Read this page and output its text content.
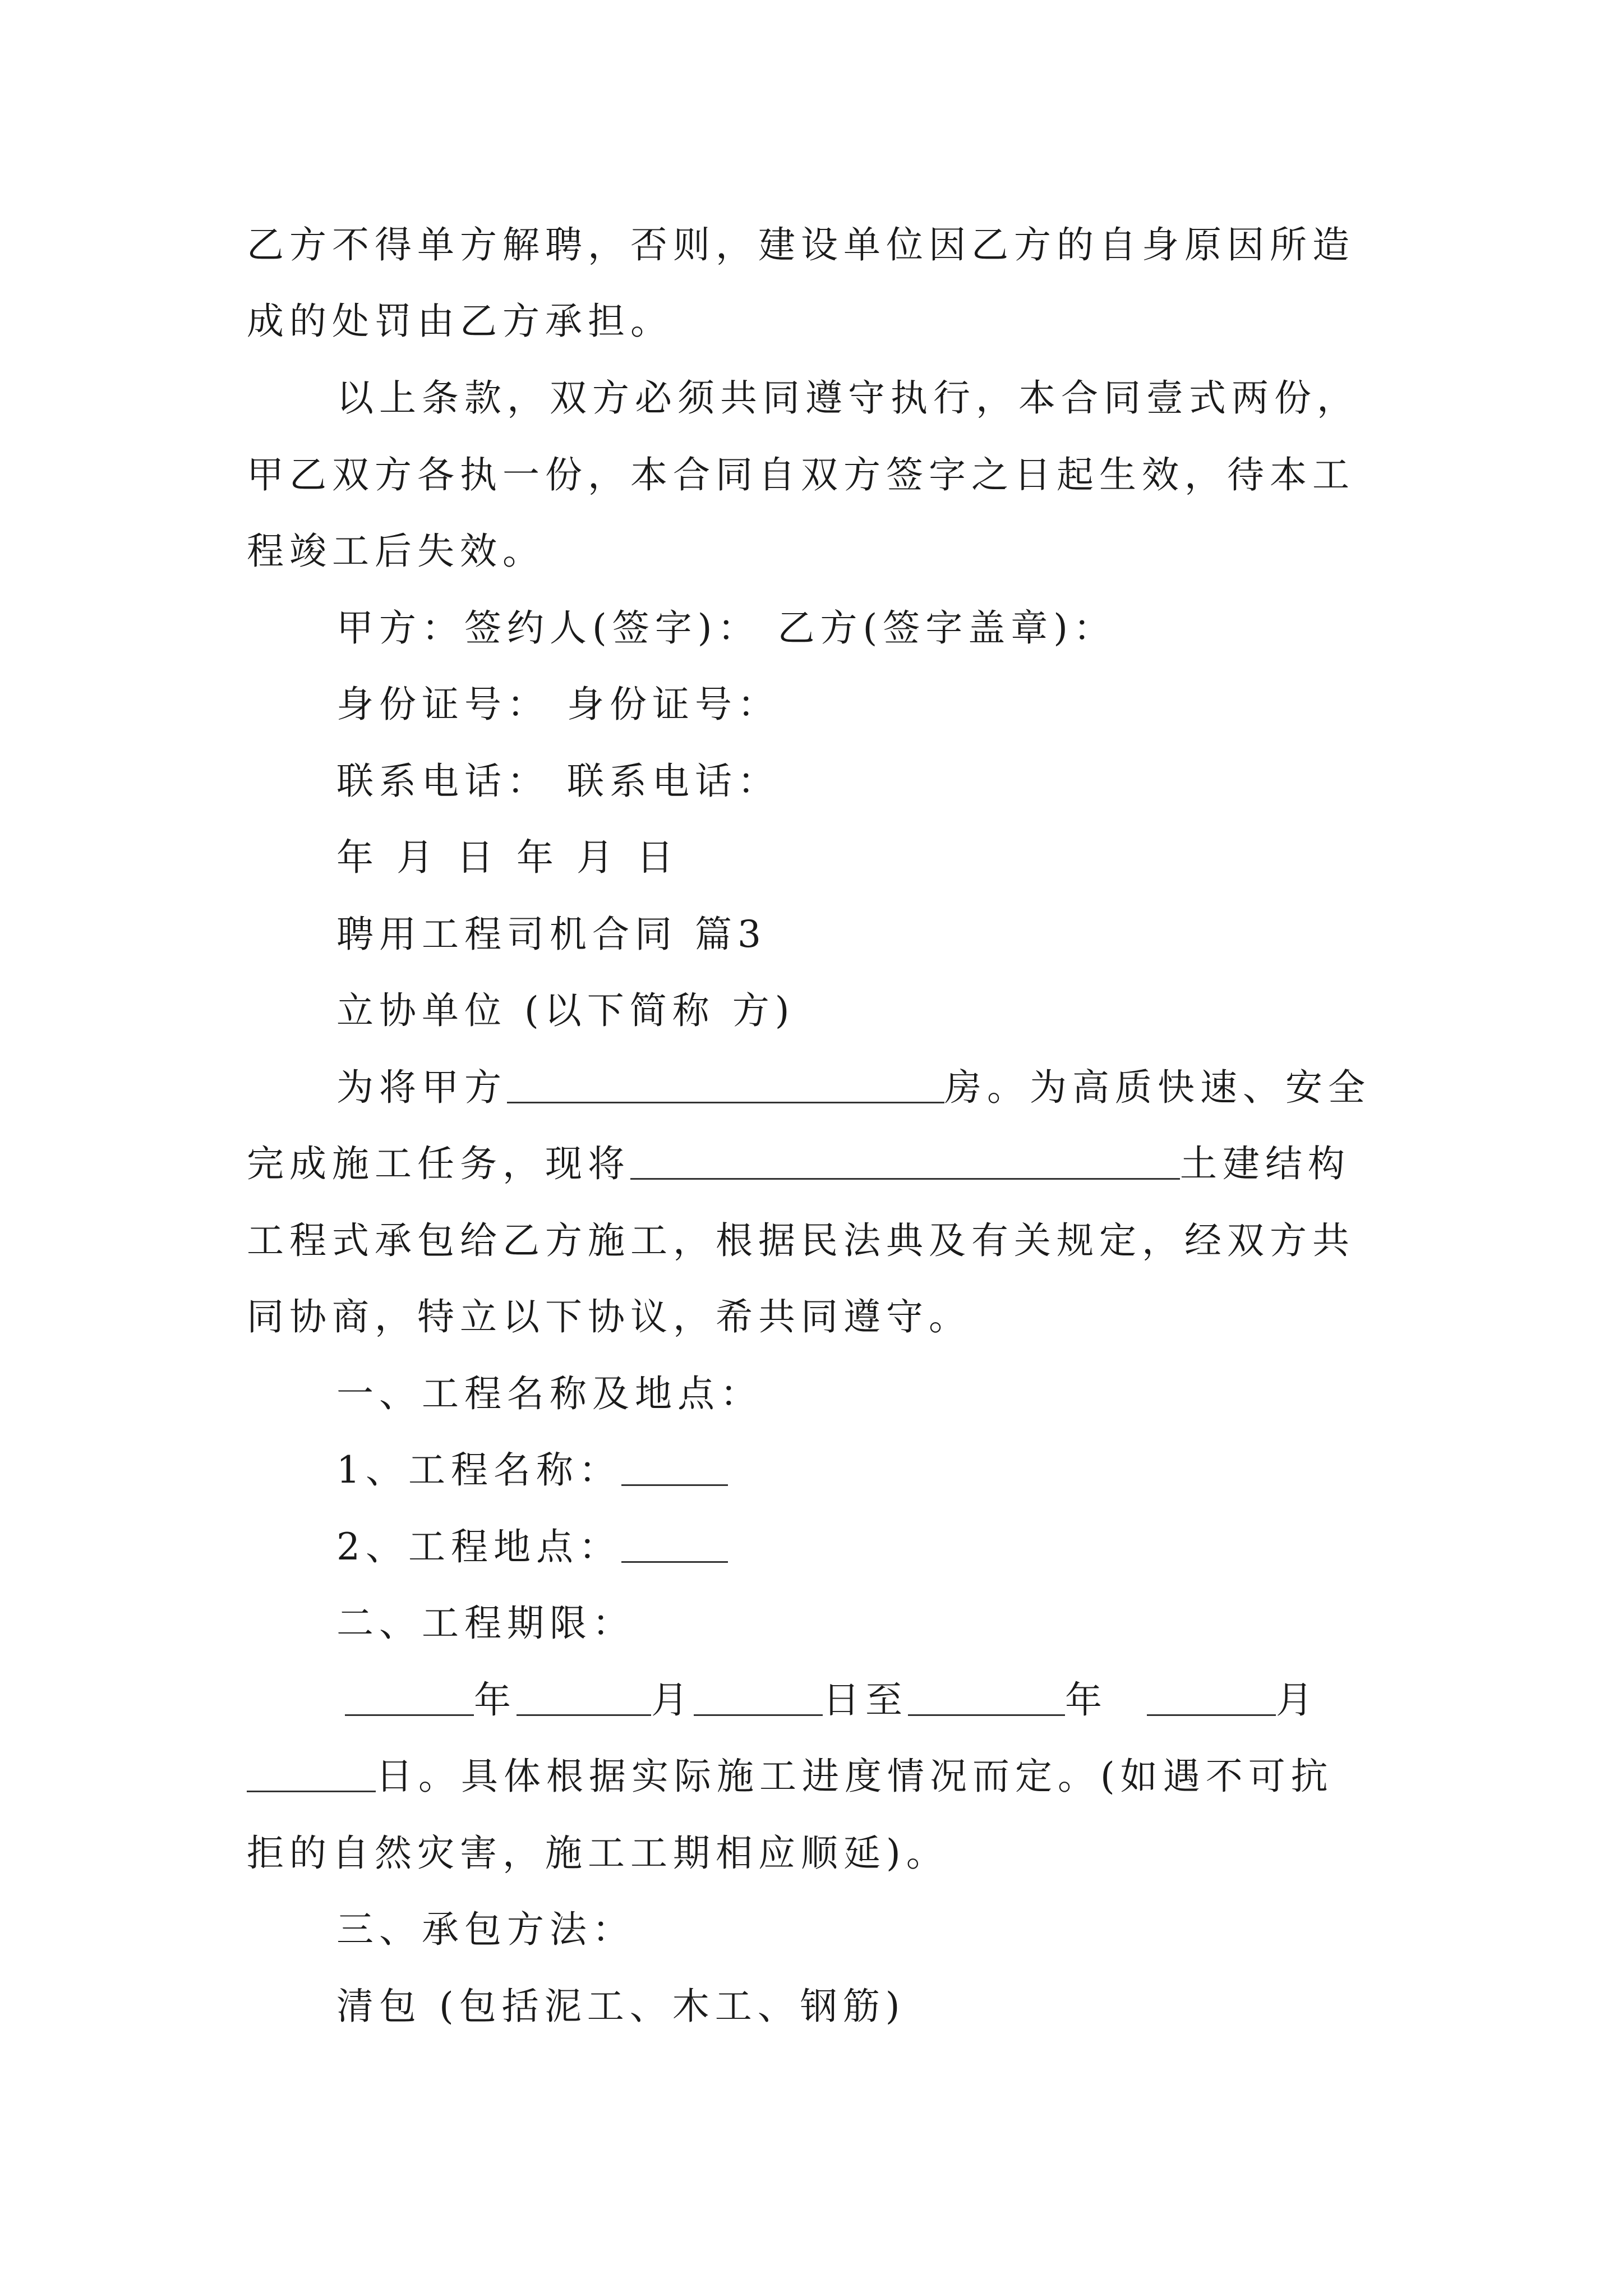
乙方不得单方解聘，否则，建设单位因乙方的自身原因所造
成的处罚由乙方承担。
以上条款，双方必须共同遵守执行，本合同壹式两份，
甲乙双方各执一份，本合同自双方签字之日起生效，待本工
程竣工后失效。
甲方：签约人(签字)： 乙方(签字盖章)：
身份证号： 身份证号：
联系电话： 联系电话：
年 月 日 年 月 日
聘用工程司机合同 篇3
立协单位 (以下简称 方)
为将甲方	房。为高质快速、安全
完成施工任务，现将	土建结构
工程式承包给乙方施工，根据民法典及有关规定，经双方共
同协商，特立以下协议，希共同遵守。
一、工程名称及地点：
1、工程名称：
2、工程地点：
二、工程期限：
年	月	日至	年	月
日。具体根据实际施工进度情况而定。(如遇不可抗
拒的自然灾害，施工工期相应顺延)。
三、承包方法：
清包 (包括泥工、木工、钢筋)
